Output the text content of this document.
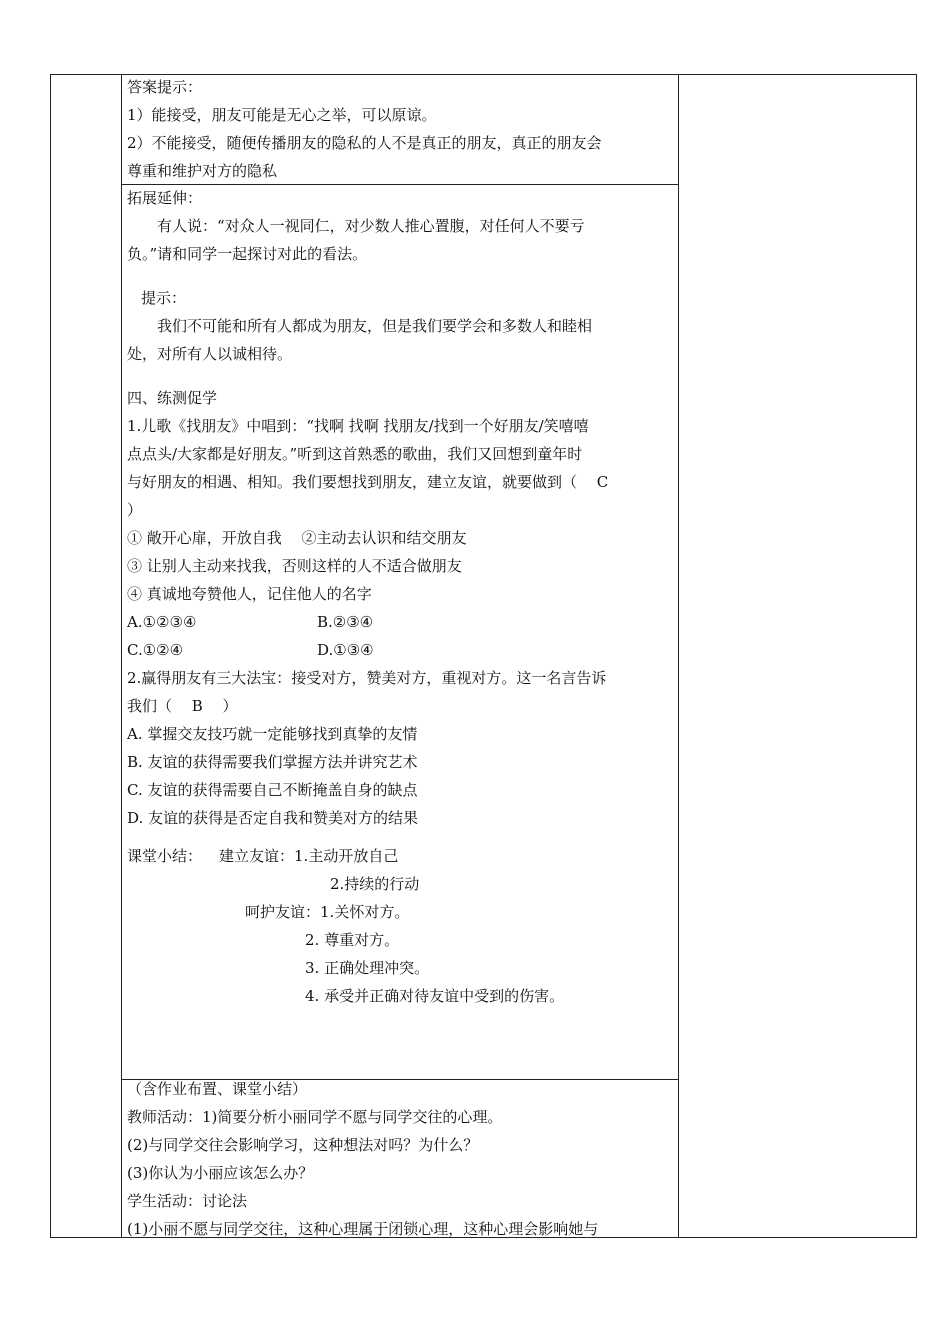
答案提示：
1）能接受，朋友可能是无心之举，可以原谅。
2）不能接受，随便传播朋友的隐私的人不是真正的朋友，真正的朋友会
尊重和维护对方的隐私
拓展延伸：
有人说：“对众人一视同仁，对少数人推心置腹，对任何人不要亏
负。”请和同学一起探讨对此的看法。
提示：
我们不可能和所有人都成为朋友，但是我们要学会和多数人和睦相
处，对所有人以诚相待。
四、练测促学
1.儿歌《找朋友》中唱到：“找啊 找啊 找朋友/找到一个好朋友/笑嘻嘻
点点头/大家都是好朋友。”听到这首熟悉的歌曲，我们又回想到童年时
与好朋友的相遇、相知。我们要想找到朋友，建立友谊，就要做到（　 C
）
① 敞开心扉，开放自我　 ②主动去认识和结交朋友
③ 让别人主动来找我，否则这样的人不适合做朋友
④ 真诚地夸赞他人，记住他人的名字
A.①②③④	B.②③④
C.①②④	D.①③④
2.赢得朋友有三大法宝：接受对方，赞美对方，重视对方。这一名言告诉
我们（　 B　 ）
A. 掌握交友技巧就一定能够找到真挚的友情
B. 友谊的获得需要我们掌握方法并讲究艺术
C. 友谊的获得需要自己不断掩盖自身的缺点
D. 友谊的获得是否定自我和赞美对方的结果
课堂小结： 建立友谊：1.主动开放自己
2.持续的行动
呵护友谊：1.关怀对方。
2. 尊重对方。
3. 正确处理冲突。
4. 承受并正确对待友谊中受到的伤害。
（含作业布置、课堂小结）
教师活动：1)简要分析小丽同学不愿与同学交往的心理。
(2)与同学交往会影响学习，这种想法对吗？为什么？
(3)你认为小丽应该怎么办？
学生活动：讨论法
(1)小丽不愿与同学交往，这种心理属于闭锁心理，这种心理会影响她与
